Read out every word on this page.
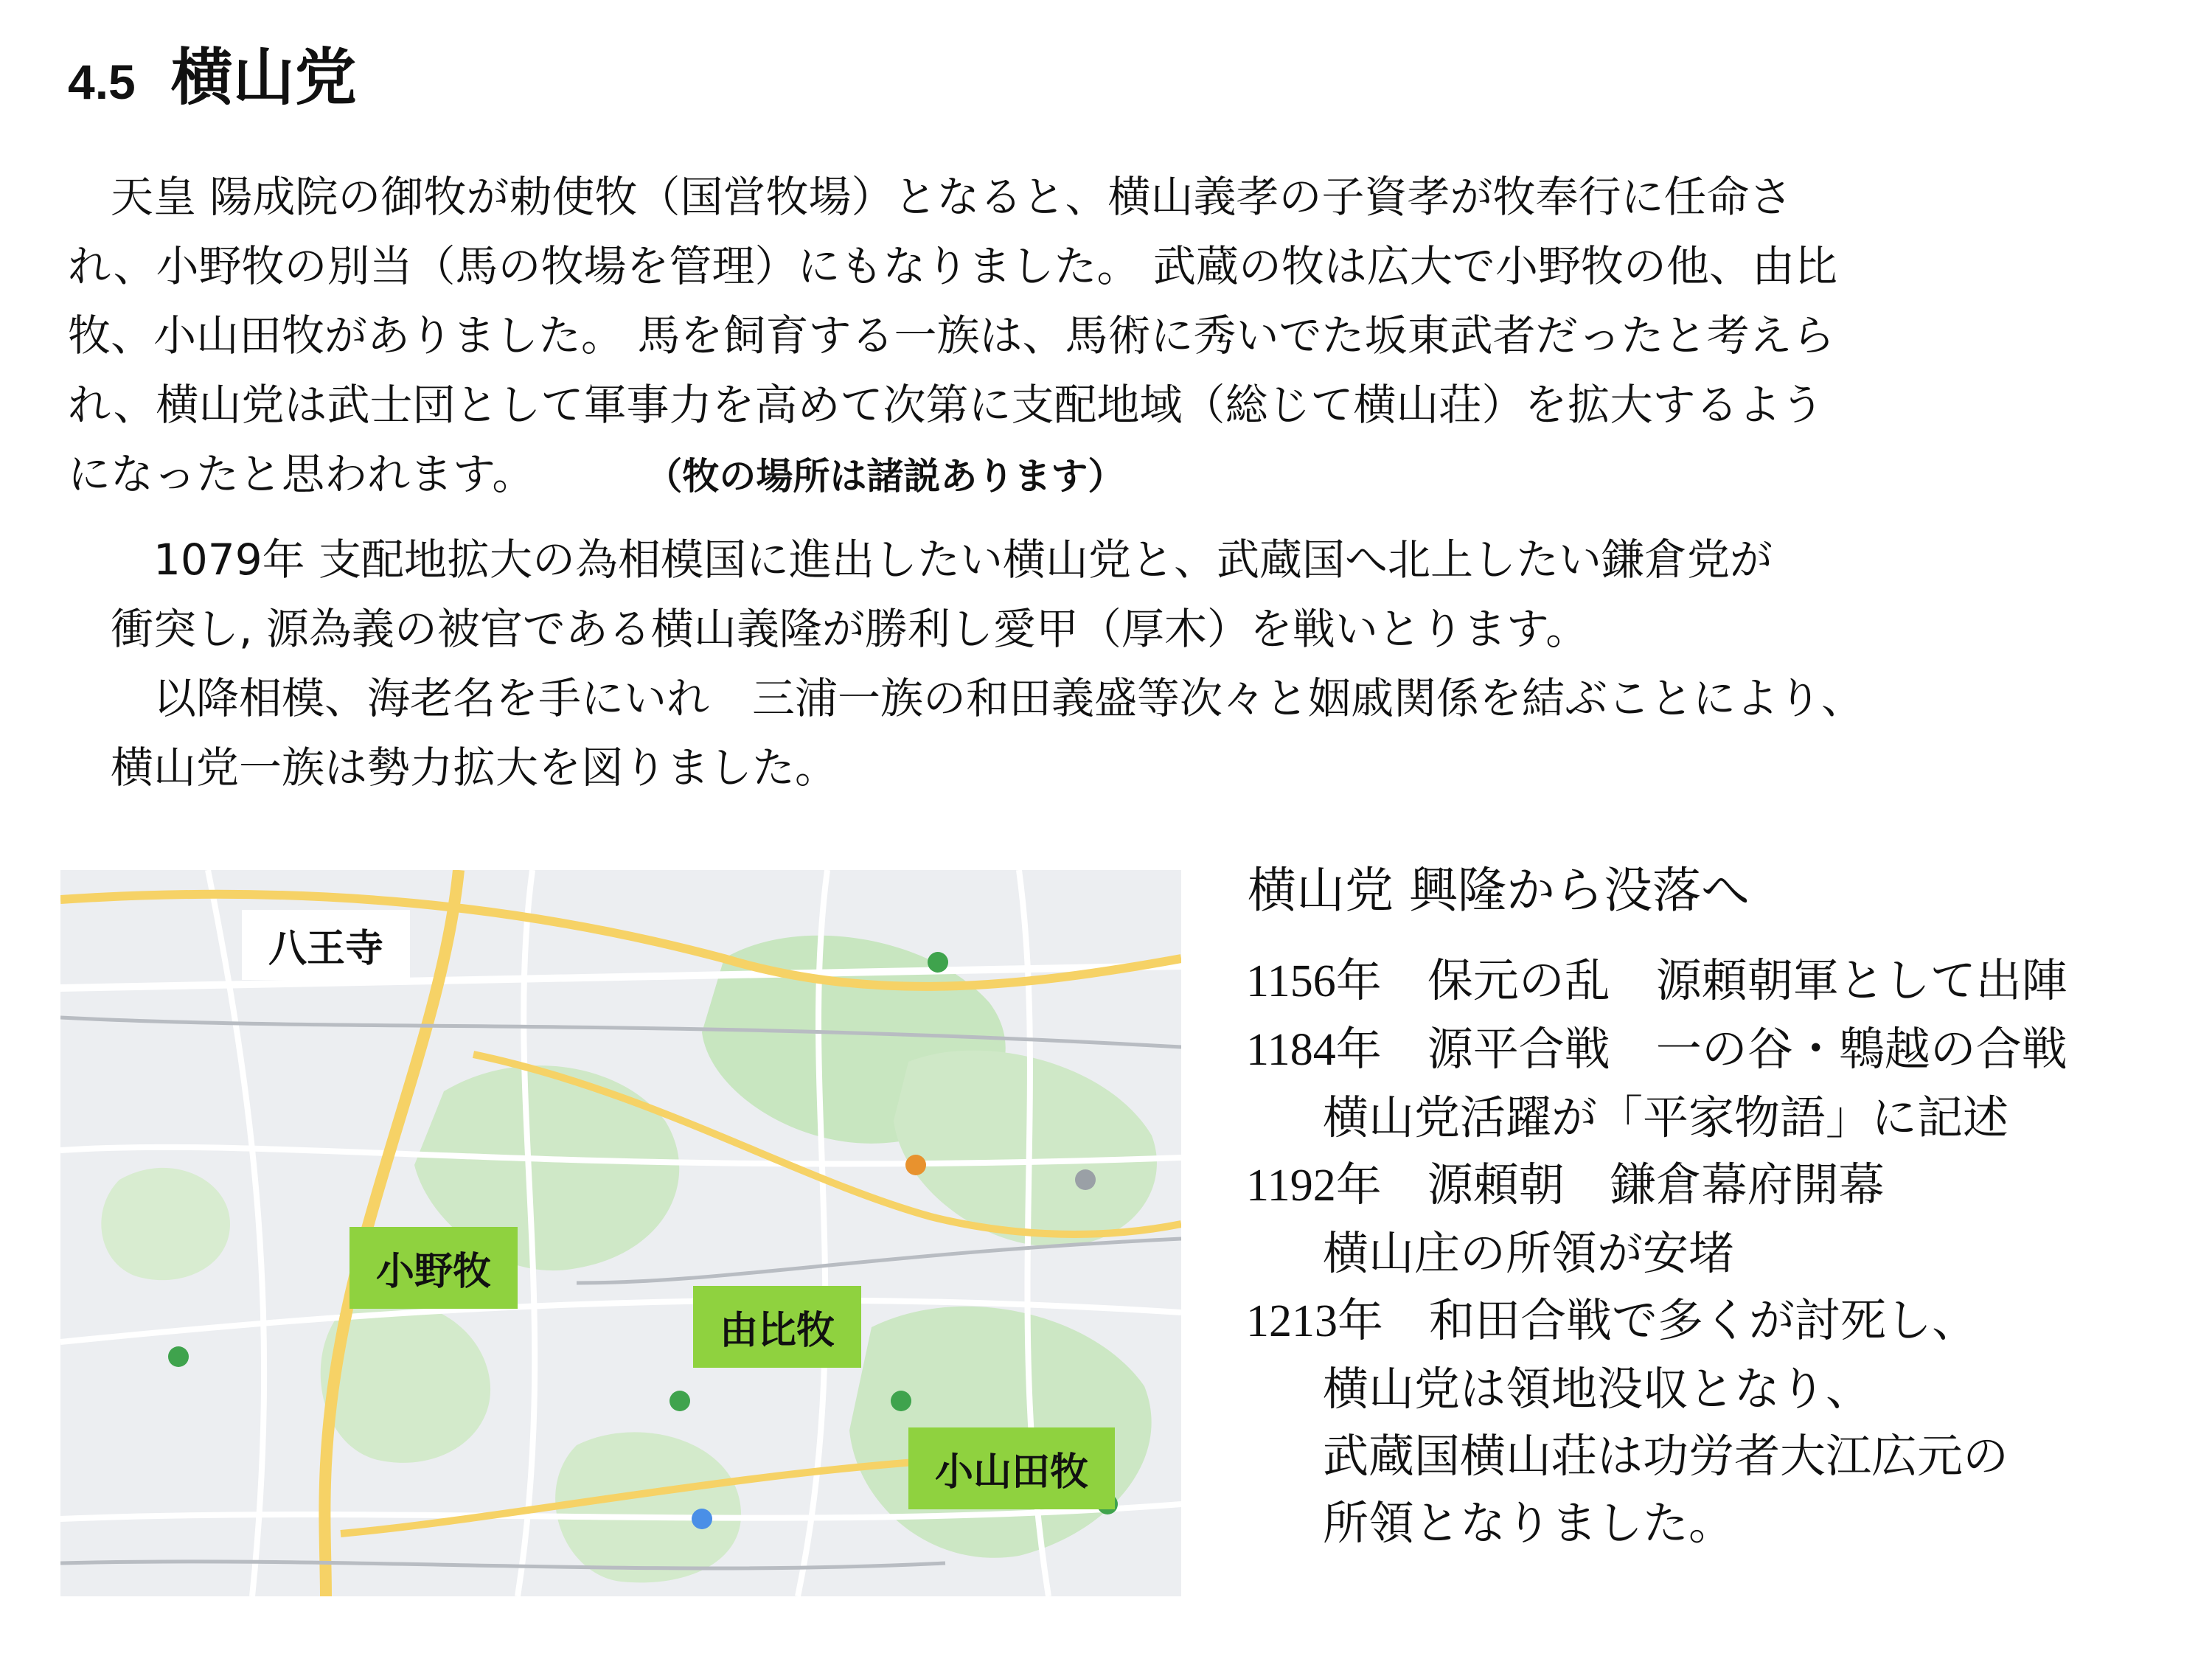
4.5 横山党
　天皇 陽成院の御牧が勅使牧（国営牧場）となると、横山義孝の子資孝が牧奉行に任命さ
れ、小野牧の別当（馬の牧場を管理）にもなりました。 武蔵の牧は広大で小野牧の他、由比
牧、小山田牧がありました。 馬を飼育する一族は、馬術に秀いでた坂東武者だったと考えら
れ、横山党は武士団として軍事力を高めて次第に支配地域（総じて横山荘）を拡大するよう
になったと思われます。	（牧の場所は諸説あります）
　　1079年 支配地拡大の為相模国に進出したい横山党と、武蔵国へ北上したい鎌倉党が
　衝突し, 源為義の被官である横山義隆が勝利し愛甲（厚木）を戦いとります。
　　以降相模、海老名を手にいれ　三浦一族の和田義盛等次々と姻戚関係を結ぶことにより、
　横山党一族は勢力拡大を図りました。
八王寺
小野牧
由比牧
小山田牧
横山党 興隆から没落へ
1156年　 保元の乱　源頼朝軍として出陣
1184年　 源平合戦　一の谷・鵯越の合戦
横山党活躍が「平家物語」に記述
1192年　 源頼朝　鎌倉幕府開幕
横山庄の所領が安堵
1213年　 和田合戦で多くが討死し、
横山党は領地没収となり、
武蔵国横山荘は功労者大江広元の
所領となりました。
